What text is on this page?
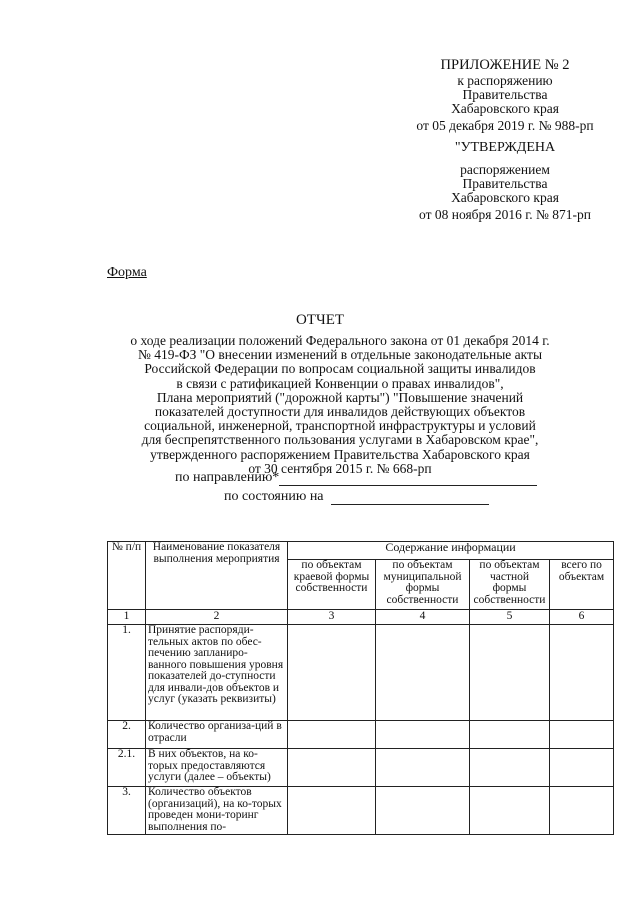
ПРИЛОЖЕНИЕ № 2
к распоряжению
Правительства
Хабаровского края
от 05 декабря 2019 г. № 988-рп
"УТВЕРЖДЕНА
распоряжением
Правительства
Хабаровского края
от 08 ноября 2016 г. № 871-рп
Форма
ОТЧЕТ
о ходе реализации положений Федерального закона от 01 декабря 2014 г.
№ 419-ФЗ "О внесении изменений в отдельные законодательные акты
Российской Федерации по вопросам социальной защиты инвалидов
в связи с ратификацией Конвенции о правах инвалидов",
Плана мероприятий ("дорожной карты") "Повышение значений
показателей доступности для инвалидов действующих объектов
социальной, инженерной, транспортной инфраструктуры и условий
для беспрепятственного пользования услугами в Хабаровском крае",
утвержденного распоряжением Правительства Хабаровского края
от 30 сентября 2015 г. № 668-рп
по направлению*
по состоянию на
№ п/п	Наименование показателя выполнения мероприятия	Содержание информации			
		по объектам краевой формы собственности	по объектам муниципальной формы собственности	по объектам частной формы собственности	всего по объектам
1	2	3	4	5	6
1.	Принятие распоряди-тельных актов по обес-печению запланиро-ванного повышения уровня показателей до-ступности для инвали-дов объектов и услуг (указать реквизиты)				
2.	Количество организа-ций в отрасли				
2.1.	В них объектов, на ко-торых предоставляются услуги (далее – объекты)				
3.	Количество объектов (организаций), на ко-торых проведен мони-торинг выполнения по-				
